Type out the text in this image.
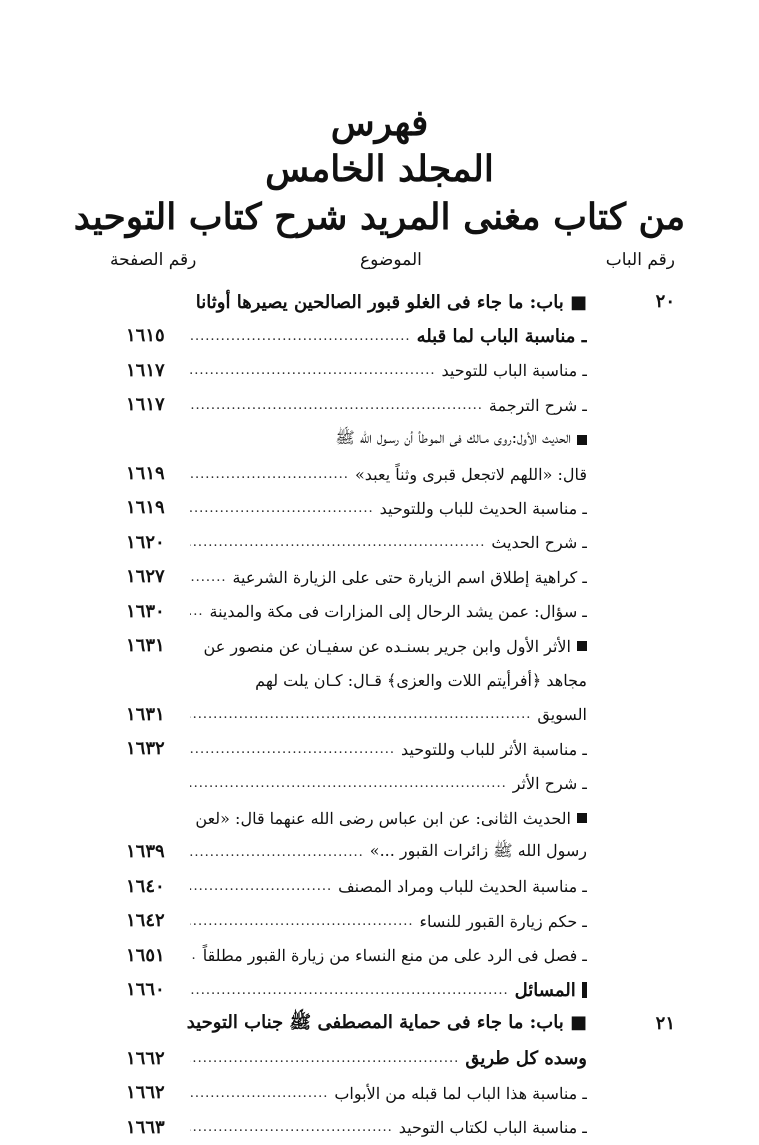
فهرس
المجلد الخامس
من كتاب مغنى المريد شرح كتاب التوحيد
رقم الباب
الموضوع
رقم الصفحة
٢٠
■ باب: ما جاء فى الغلو قبور الصالحين يصيرها أوثانا
ـ مناسبة الباب لما قبله
.....
١٦١٥
ـ مناسبة الباب للتوحيد
.....
١٦١٧
ـ شرح الترجمة
.....
١٦١٧
الحديث الأول:روى مـالك فى الموطأ أن رسـول الله ﷺ
قال: «اللهم لاتجعل قبرى وثناً يعبد»
.....
١٦١٩
ـ مناسبة الحديث للباب وللتوحيد
.....
١٦١٩
ـ شرح الحديث
.....
١٦٢٠
ـ كراهية إطلاق اسم الزيارة حتى على الزيارة الشرعية
.....
١٦٢٧
ـ سؤال: عمن يشد الرحال إلى المزارات فى مكة والمدينة
.....
١٦٣٠
الأثر الأول وابن جرير بسنـده عن سفيـان عن منصور عن
١٦٣١
مجاهد ﴿أفرأيتم اللات والعزى﴾ قـال: كـان يلت لهم
السويق
.....
١٦٣١
ـ مناسبة الأثر للباب وللتوحيد
.....
١٦٣٢
ـ شرح الأثر
.....
الحديث الثانى: عن ابن عباس رضى الله عنهما قال: «لعن
رسول الله ﷺ زائرات القبور ...»
.....
١٦٣٩
ـ مناسبة الحديث للباب ومراد المصنف
.....
١٦٤٠
ـ حكم زيارة القبور للنساء
.....
١٦٤٢
ـ فصل فى الرد على من منع النساء من زيارة القبور مطلقاً
.....
١٦٥١
المسائل
.....
١٦٦٠
٢١
■ باب: ما جاء فى حماية المصطفى ﷺ جناب التوحيد
وسده كل طريق
.....
١٦٦٢
ـ مناسبة هذا الباب لما قبله من الأبواب
.....
١٦٦٢
ـ مناسبة الباب لكتاب التوحيد
.....
١٦٦٣
